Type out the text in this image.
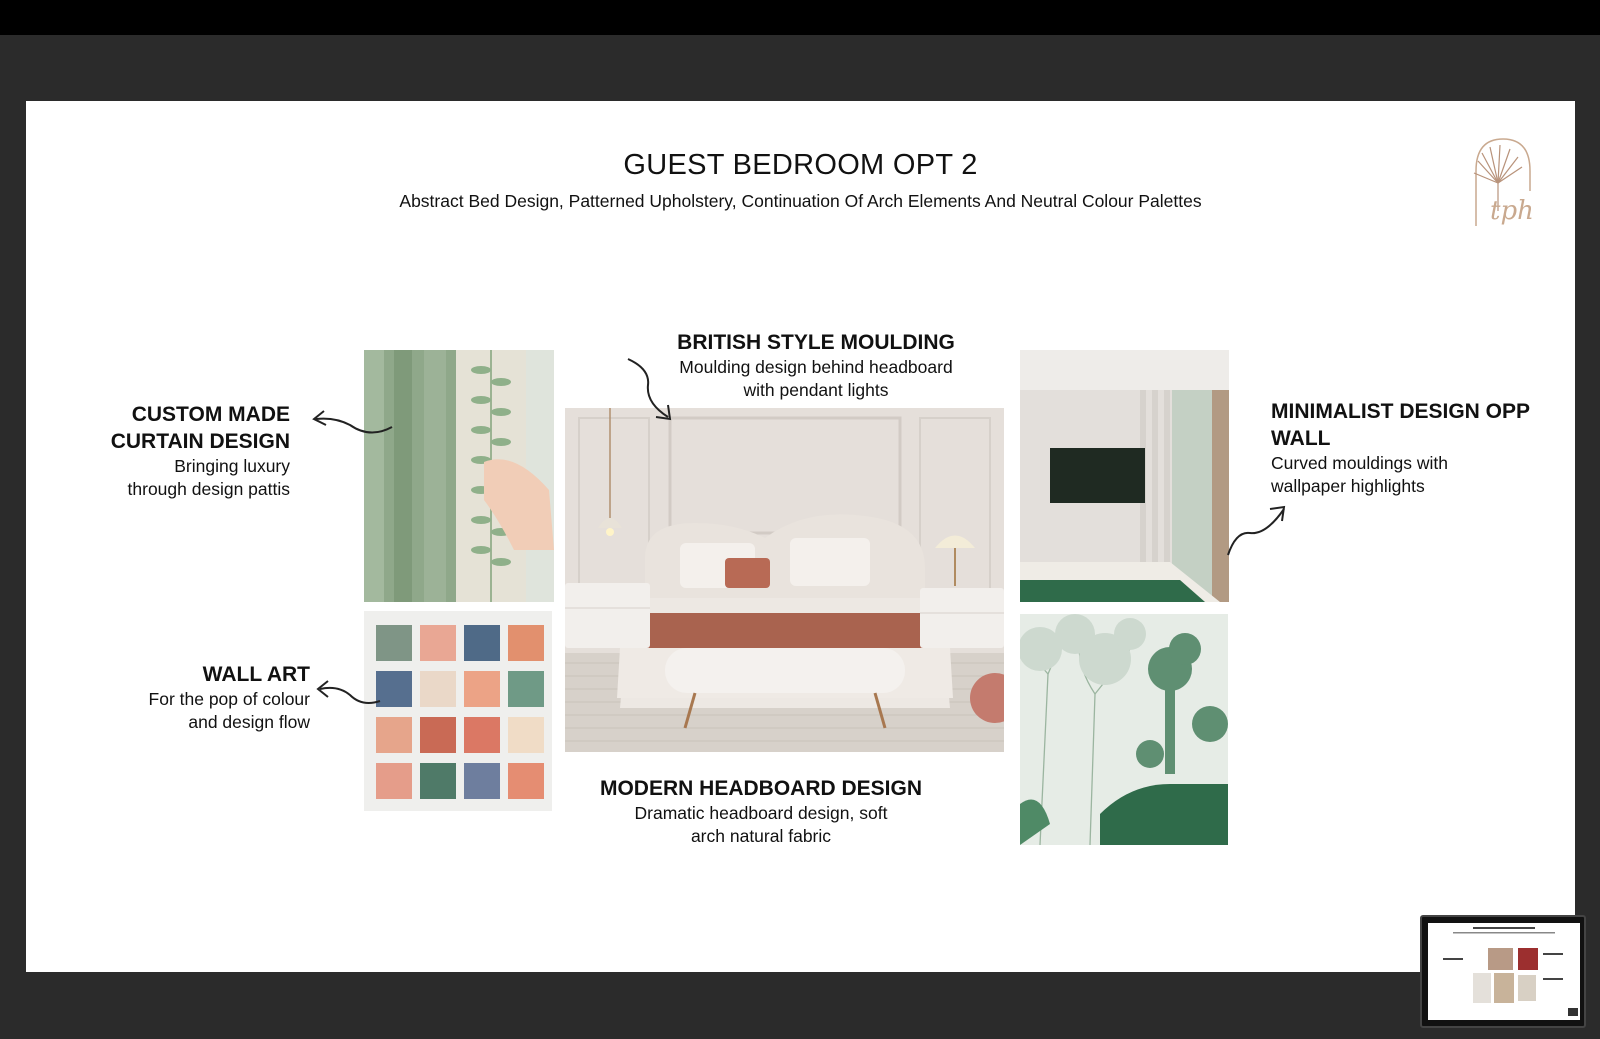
GUEST BEDROOM OPT 2
Abstract Bed Design, Patterned Upholstery, Continuation Of Arch Elements And Neutral Colour Palettes	tph
CUSTOM MADE
CURTAIN DESIGN
Bringing luxury
through design pattis
WALL ART
For the pop of colour
and design flow
BRITISH STYLE MOULDING
Moulding design behind headboard
with pendant lights
MODERN HEADBOARD DESIGN
Dramatic headboard design, soft
arch natural fabric
MINIMALIST DESIGN OPP
WALL
Curved mouldings with
wallpaper highlights
